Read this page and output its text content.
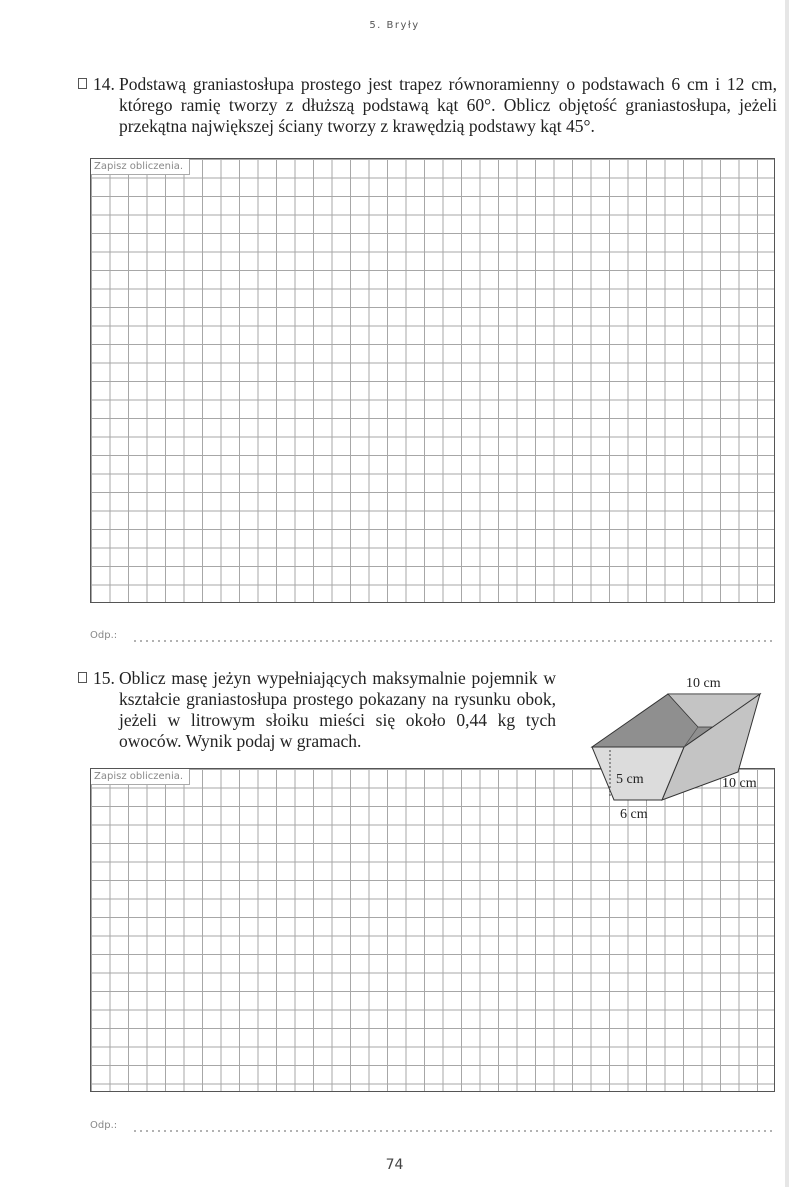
5. Bryły
14. Podstawą graniastosłupa prostego jest trapez równoramienny o podstawach 6 cm i 12 cm, którego ramię tworzy z dłuższą podstawą kąt 60°. Oblicz objętość graniastosłupa, jeżeli przekątna największej ściany tworzy z krawędzią podstawy kąt 45°.
Zapisz obliczenia.
Odp.:
15. Oblicz masę jeżyn wypełniających maksymalnie pojemnik w kształcie graniastosłupa prostego pokazany na rysunku obok, jeżeli w litrowym słoiku mieści się około 0,44 kg tych owoców. Wynik podaj w gramach.
Zapisz obliczenia.
10 cm
5 cm	10 cm
6 cm
Odp.:
74
